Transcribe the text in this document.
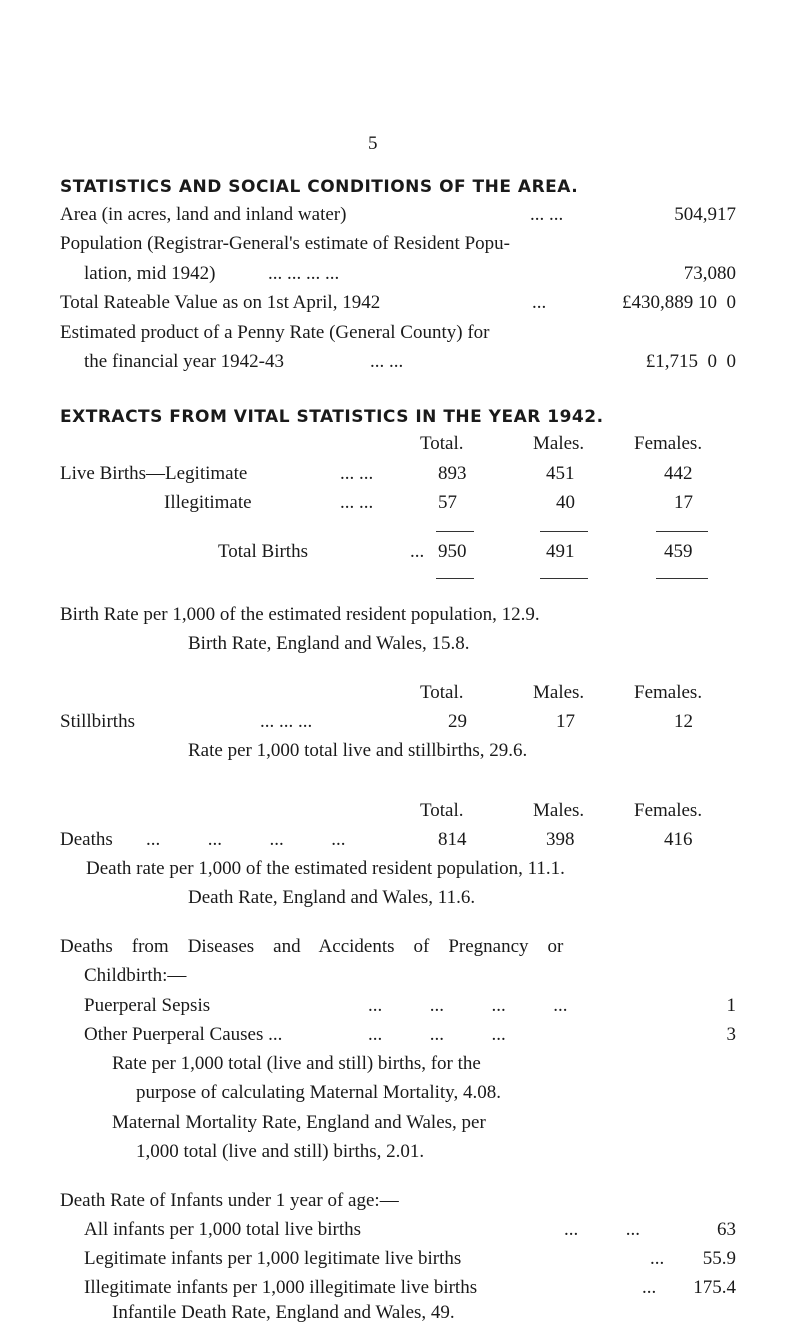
5
STATISTICS AND SOCIAL CONDITIONS OF THE AREA.
Area (in acres, land and inland water)	... ...	504,917
Population (Registrar-General's estimate of Resident Popu-
lation, mid 1942)	... ... ... ...	73,080
Total Rateable Value as on 1st April, 1942	...	£430,889 10  0
Estimated product of a Penny Rate (General County) for
the financial year 1942-43	... ...	£1,715  0  0
EXTRACTS FROM VITAL STATISTICS IN THE YEAR 1942.
Total.	Males.	Females.
Live Births—Legitimate	... ...	893	451	442
Illegitimate	... ...	57	40	17
Total Births	... 950	491	459
Birth Rate per 1,000 of the estimated resident population, 12.9.
Birth Rate, England and Wales, 15.8.
Total.	Males.	Females.
Stillbirths	... ... ...	29	17	12
Rate per 1,000 total live and stillbirths, 29.6.
Total.	Males.	Females.
Deaths ...          ...          ...          ...	814	398	416
Death rate per 1,000 of the estimated resident population, 11.1.
Death Rate, England and Wales, 11.6.
Deaths    from    Diseases    and    Accidents    of    Pregnancy    or
Childbirth:—
Puerperal Sepsis	...          ...          ...          ...	1
Other Puerperal Causes ...	...          ...          ...	3
Rate per 1,000 total (live and still) births, for the
purpose of calculating Maternal Mortality, 4.08.
Maternal Mortality Rate, England and Wales, per
1,000 total (live and still) births, 2.01.
Death Rate of Infants under 1 year of age:—
All infants per 1,000 total live births	...          ...	63
Legitimate infants per 1,000 legitimate live births	...	55.9
Illegitimate infants per 1,000 illegitimate live births	...	175.4
Infantile Death Rate, England and Wales, 49.
